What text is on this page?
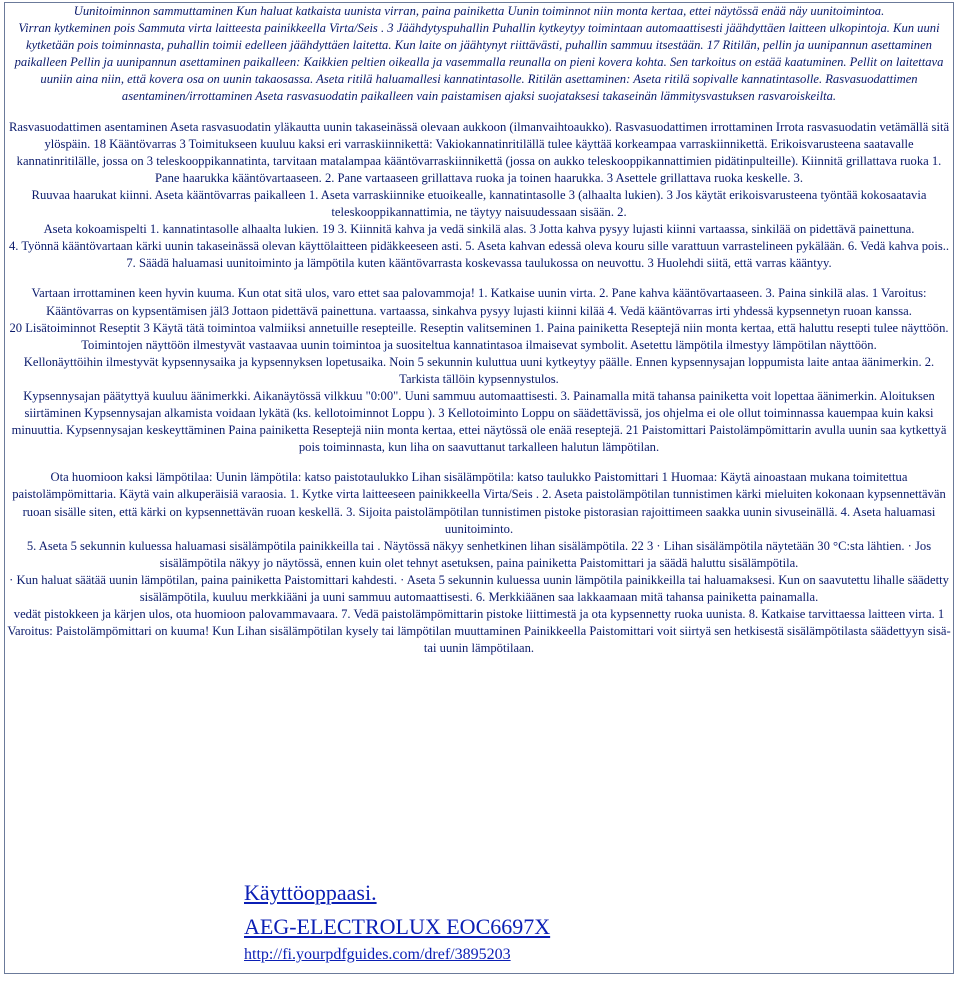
Uunitoiminnon sammuttaminen Kun haluat katkaista uunista virran, paina painiketta Uunin toiminnot niin monta kertaa, ettei näytössä enää näy uunitoimintoa.

Virran kytkeminen pois Sammuta virta laitteesta painikkeella Virta/Seis . 3 Jäähdytyspuhallin Puhallin kytkeytyy toimintaan automaattisesti jäähdyttäen laitteen ulkopintoja. Kun uuni kytketään pois toiminnasta, puhallin toimii edelleen jäähdyttäen laitetta. Kun laite on jäähtynyt riittävästi, puhallin sammuu itsestään. 17 Ritilän, pellin ja uunipannun asettaminen paikalleen Pellin ja uunipannun asettaminen paikalleen: Kaikkien peltien oikealla ja vasemmalla reunalla on pieni kovera kohta. Sen tarkoitus on estää kaatuminen. Pellit on laitettava uuniin aina niin, että kovera osa on uunin takaosassa. Aseta ritilä haluamallesi kannatintasolle. Ritilän asettaminen: Aseta ritilä sopivalle kannatintasolle. Rasvasuodattimen asentaminen/irrottaminen Aseta rasvasuodatin paikalleen vain paistamisen ajaksi suojataksesi takaseinän lämmitysvastuksen rasvaroiskeilta.

Rasvasuodattimen asentaminen Aseta rasvasuodatin yläkautta uunin takaseinässä olevaan aukkoon (ilmanvaihtoaukko). Rasvasuodattimen irrottaminen Irrota rasvasuodatin vetämällä sitä ylöspäin. 18 Kääntövarras 3 Toimitukseen kuuluu kaksi eri varraskiinnikettä: Vakiokannatinritilällä tulee käyttää korkeampaa varraskiinnikettä. Erikoisvarusteena saatavalle kannatinritilälle, jossa on 3 teleskooppikannatinta, tarvitaan matalampaa kääntövarraskiinnikettä (jossa on aukko teleskooppikannattimien pidätinpulteille). Kiinnitä grillattava ruoka 1. Pane haarukka kääntövartaaseen. 2. Pane vartaaseen grillattava ruoka ja toinen haarukka. 3 Asettele grillattava ruoka keskelle. 3.

Ruuvaa haarukat kiinni. Aseta kääntövarras paikalleen 1. Aseta varraskiinnike etuoikealle, kannatintasolle 3 (alhaalta lukien). 3 Jos käytät erikoisvarusteena työntää kokosaatavia teleskooppikannattimia, ne täytyy naisuudessaan sisään. 2.

Aseta kokoamispelti 1. kannatintasolle alhaalta lukien. 19 3. Kiinnitä kahva ja vedä sinkilä alas. 3 Jotta kahva pysyy lujasti kiinni vartaassa, sinkilää on pidettävä painettuna.

4. Työnnä kääntövartaan kärki uunin takaseinässä olevan käyttölaitteen pidäkkeeseen asti. 5. Aseta kahvan edessä oleva kouru sille varattuun varrastelineen pykälään. 6. Vedä kahva pois.. 7. Säädä haluamasi uunitoiminto ja lämpötila kuten kääntövarrasta koskevassa taulukossa on neuvottu. 3 Huolehdi siitä, että varras kääntyy.

Vartaan irrottaminen keen hyvin kuuma. Kun otat sitä ulos, varo ettet saa palovammoja! 1. Katkaise uunin virta. 2. Pane kahva kääntövartaaseen. 3. Paina sinkilä alas. 1 Varoitus: Kääntövarras on kypsentämisen jäl3 Jottaon pidettävä painettuna. vartaassa, sinkahva pysyy lujasti kiinni kilää 4. Vedä kääntövarras irti yhdessä kypsennetyn ruoan kanssa.

20 Lisätoiminnot Reseptit 3 Käytä tätä toimintoa valmiiksi annetuille resepteille. Reseptin valitseminen 1. Paina painiketta Reseptejä niin monta kertaa, että haluttu resepti tulee näyttöön. Toimintojen näyttöön ilmestyvät vastaavaa uunin toimintoa ja suositeltua kannatintasoa ilmaisevat symbolit. Asetettu lämpötila ilmestyy lämpötilan näyttöön.

Kellonäyttöihin ilmestyvät kypsennysaika ja kypsennyksen lopetusaika. Noin 5 sekunnin kuluttua uuni kytkeytyy päälle. Ennen kypsennysajan loppumista laite antaa äänimerkin. 2. Tarkista tällöin kypsennystulos.

Kypsennysajan päätyttyä kuuluu äänimerkki. Aikanäytössä vilkkuu "0:00". Uuni sammuu automaattisesti. 3. Painamalla mitä tahansa painiketta voit lopettaa äänimerkin. Aloituksen siirtäminen Kypsennysajan alkamista voidaan lykätä (ks. kellotoiminnot Loppu ). 3 Kellotoiminto Loppu on säädettävissä, jos ohjelma ei ole ollut toiminnassa kauempaa kuin kaksi minuuttia. Kypsennysajan keskeyttäminen Paina painiketta Reseptejä niin monta kertaa, ettei näytössä ole enää reseptejä. 21 Paistomittari Paistolämpömittarin avulla uunin saa kytkettyä pois toiminnasta, kun liha on saavuttanut tarkalleen halutun lämpötilan.

Ota huomioon kaksi lämpötilaa: Uunin lämpötila: katso paistotaulukko Lihan sisälämpötila: katso taulukko Paistomittari 1 Huomaa: Käytä ainoastaan mukana toimitettua paistolämpömittaria. Käytä vain alkuperäisiä varaosia. 1. Kytke virta laitteeseen painikkeella Virta/Seis . 2. Aseta paistolämpötilan tunnistimen kärki mieluiten kokonaan kypsennettävän ruoan sisälle siten, että kärki on kypsennettävän ruoan keskellä. 3. Sijoita paistolämpötilan tunnistimen pistoke pistorasian rajoittimeen saakka uunin sivuseinällä. 4. Aseta haluamasi uunitoiminto.

5. Aseta 5 sekunnin kuluessa haluamasi sisälämpötila painikkeilla tai . Näytössä näkyy senhetkinen lihan sisälämpötila. 22 3 · Lihan sisälämpötila näytetään 30 °C:sta lähtien. · Jos sisälämpötila näkyy jo näytössä, ennen kuin olet tehnyt asetuksen, paina painiketta Paistomittari ja säädä haluttu sisälämpötila.

· Kun haluat säätää uunin lämpötilan, paina painiketta Paistomittari kahdesti. · Aseta 5 sekunnin kuluessa uunin lämpötila painikkeilla tai haluamaksesi. Kun on saavutettu lihalle säädetty sisälämpötila, kuuluu merkkiääni ja uuni sammuu automaattisesti. 6. Merkkiäänen saa lakkaamaan mitä tahansa painiketta painamalla.

vedät pistokkeen ja kärjen ulos, ota huomioon palovammavaara. 7. Vedä paistolämpömittarin pistoke liittimestä ja ota kypsennetty ruoka uunista. 8. Katkaise tarvittaessa laitteen virta. 1 Varoitus: Paistolämpömittari on kuuma! Kun Lihan sisälämpötilan kysely tai lämpötilan muuttaminen Painikkeella Paistomittari voit siirtyä sen hetkisestä sisälämpötilasta säädettyyn sisä- tai uunin lämpötilaan.

Käyttöoppaasi.
AEG-ELECTROLUX EOC6697X
http://fi.yourpdfguides.com/dref/3895203
